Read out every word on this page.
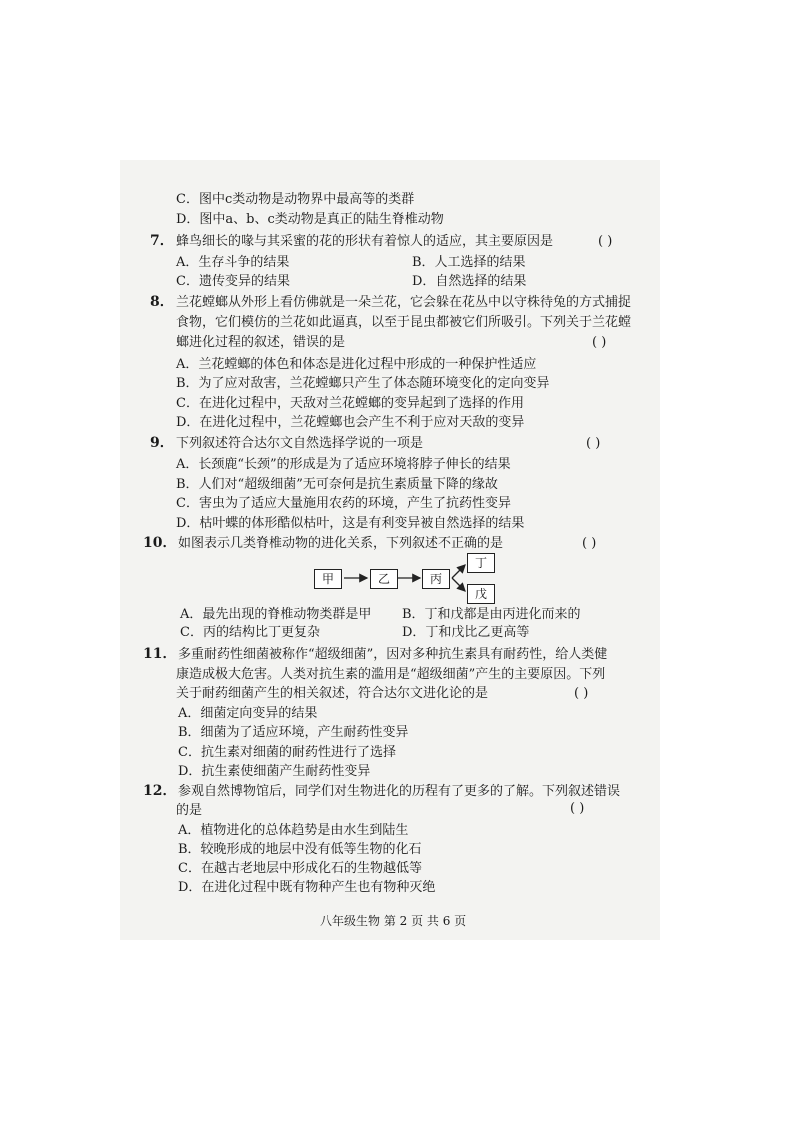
C．图中c类动物是动物界中最高等的类群
D．图中a、b、c类动物是真正的陆生脊椎动物
7． 蜂鸟细长的喙与其采蜜的花的形状有着惊人的适应，其主要原因是	( )
A．生存斗争的结果	B．人工选择的结果
C．遗传变异的结果	D．自然选择的结果
8． 兰花螳螂从外形上看仿佛就是一朵兰花，它会躲在花丛中以守株待兔的方式捕捉
食物，它们模仿的兰花如此逼真，以至于昆虫都被它们所吸引。下列关于兰花螳
螂进化过程的叙述，错误的是	( )
A．兰花螳螂的体色和体态是进化过程中形成的一种保护性适应
B．为了应对敌害，兰花螳螂只产生了体态随环境变化的定向变异
C．在进化过程中，天敌对兰花螳螂的变异起到了选择的作用
D．在进化过程中，兰花螳螂也会产生不利于应对天敌的变异
9． 下列叙述符合达尔文自然选择学说的一项是	( )
A．长颈鹿“长颈”的形成是为了适应环境将脖子伸长的结果
B．人们对“超级细菌”无可奈何是抗生素质量下降的缘故
C．害虫为了适应大量施用农药的环境，产生了抗药性变异
D．枯叶蝶的体形酷似枯叶，这是有利变异被自然选择的结果
10． 如图表示几类脊椎动物的进化关系，下列叙述不正确的是	( )
甲	乙	丙
丁
戊
A．最先出现的脊椎动物类群是甲 B．丁和戊都是由丙进化而来的
C．丙的结构比丁更复杂	D．丁和戊比乙更高等
11． 多重耐药性细菌被称作“超级细菌”，因对多种抗生素具有耐药性，给人类健
康造成极大危害。人类对抗生素的滥用是“超级细菌”产生的主要原因。下列
关于耐药细菌产生的相关叙述，符合达尔文进化论的是	( )
A．细菌定向变异的结果
B．细菌为了适应环境，产生耐药性变异
C．抗生素对细菌的耐药性进行了选择
D．抗生素使细菌产生耐药性变异
12． 参观自然博物馆后，同学们对生物进化的历程有了更多的了解。下列叙述错误
的是	( )
A．植物进化的总体趋势是由水生到陆生
B．较晚形成的地层中没有低等生物的化石
C．在越古老地层中形成化石的生物越低等
D．在进化过程中既有物种产生也有物种灭绝
八年级生物 第 2 页 共 6 页
